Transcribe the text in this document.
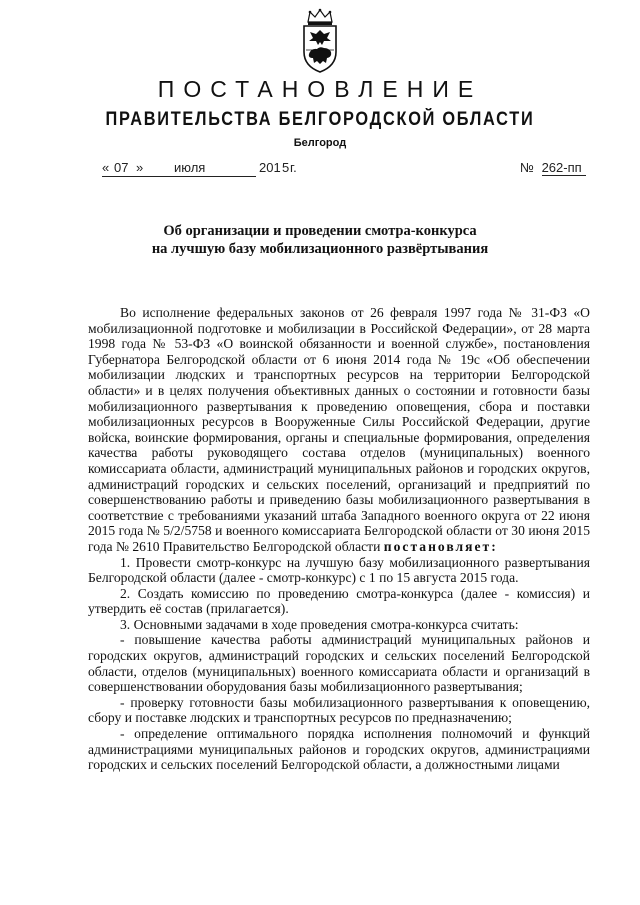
ПОСТАНОВЛЕНИЕ
ПРАВИТЕЛЬСТВА БЕЛГОРОДСКОЙ ОБЛАСТИ
Белгород
« 07 » июля	201 5 г.	№ 262-пп
Об организации и проведении смотра-конкурса
на лучшую базу мобилизационного развёртывания

Во исполнение федеральных законов от 26 февраля 1997 года № 31-ФЗ «О мобилизационной подготовке и мобилизации в Российской Федерации», от 28 марта 1998 года № 53-ФЗ «О воинской обязанности и военной службе», постановления Губернатора Белгородской области от 6 июня 2014 года № 19с «Об обеспечении мобилизации людских и транспортных ресурсов на территории Белгородской области» и в целях получения объективных данных о состоянии и готовности базы мобилизационного развертывания к проведению оповещения, сбора и поставки мобилизационных ресурсов в Вооруженные Силы Российской Федерации, другие войска, воинские формирования, органы и специальные формирования, определения качества работы руководящего состава отделов (муниципальных) военного комиссариата области, администраций муниципальных районов и городских округов, администраций городских и сельских поселений, организаций и предприятий по совершенствованию работы и приведению базы мобилизационного развертывания в соответствие с требованиями указаний штаба Западного военного округа от 22 июня 2015 года № 5/2/5758 и военного комиссариата Белгородской области от 30 июня 2015 года № 2610 Правительство Белгородской области постановляет:

1. Провести смотр-конкурс на лучшую базу мобилизационного развертывания Белгородской области (далее - смотр-конкурс) с 1 по 15 августа 2015 года.

2. Создать комиссию по проведению смотра-конкурса (далее - комиссия) и утвердить её состав (прилагается).

3. Основными задачами в ходе проведения смотра-конкурса считать:

- повышение качества работы администраций муниципальных районов и городских округов, администраций городских и сельских поселений Белгородской области, отделов (муниципальных) военного комиссариата области и организаций в совершенствовании оборудования базы мобилизационного развертывания;

- проверку готовности базы мобилизационного развертывания к оповещению, сбору и поставке людских и транспортных ресурсов по предназначению;

- определение оптимального порядка исполнения полномочий и функций администрациями муниципальных районов и городских округов, администрациями городских и сельских поселений Белгородской области, а должностными лицами
